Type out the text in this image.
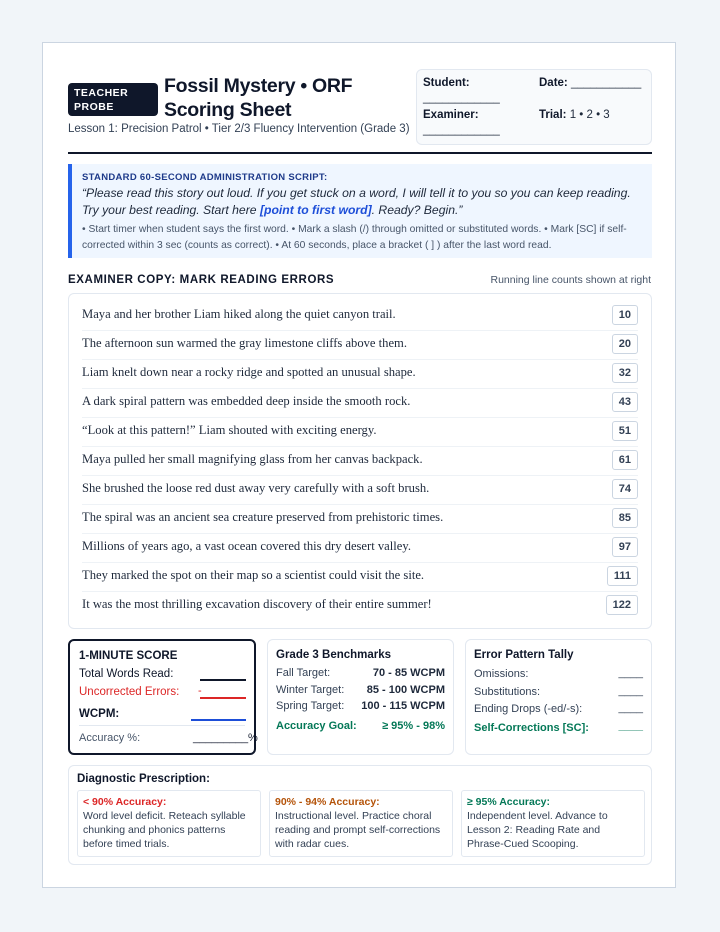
TEACHER PROBE
Fossil Mystery • ORF Scoring Sheet
Lesson 1: Precision Patrol • Tier 2/3 Fluency Intervention (Grade 3)
Student:
____________
Date: ___________
Examiner:
____________
Trial: 1 • 2 • 3
STANDARD 60-SECOND ADMINISTRATION SCRIPT:
“Please read this story out loud. If you get stuck on a word, I will tell it to you so you can keep reading. Try your best reading. Start here [point to first word]. Ready? Begin.”
• Start timer when student says the first word. • Mark a slash (/) through omitted or substituted words. • Mark [SC] if self-corrected within 3 sec (counts as correct). • At 60 seconds, place a bracket ( ] ) after the last word read.
EXAMINER COPY: MARK READING ERRORS	Running line counts shown at right
Maya and her brother Liam hiked along the quiet canyon trail.	10
The afternoon sun warmed the gray limestone cliffs above them.	20
Liam knelt down near a rocky ridge and spotted an unusual shape.	32
A dark spiral pattern was embedded deep inside the smooth rock.	43
“Look at this pattern!” Liam shouted with exciting energy.	51
Maya pulled her small magnifying glass from her canvas backpack.	61
She brushed the loose red dust away very carefully with a soft brush.	74
The spiral was an ancient sea creature preserved from prehistoric times.	85
Millions of years ago, a vast ocean covered this dry desert valley.	97
They marked the spot on their map so a scientist could visit the site.	111
It was the most thrilling excavation discovery of their entire summer!	122
1-MINUTE SCORE
Total Words Read:
Uncorrected Errors: -
WCPM:
Accuracy %:	_________%
Grade 3 Benchmarks
Fall Target:	70 - 85 WCPM
Winter Target: 85 - 100 WCPM
Spring Target: 100 - 115 WCPM
Accuracy Goal: ≥ 95% - 98%
Error Pattern Tally
Omissions:	____
Substitutions:	____
Ending Drops (-ed/-s):	____
Self-Corrections [SC]:	____
Diagnostic Prescription:
< 90% Accuracy:
Word level deficit. Reteach syllable chunking and phonics patterns before timed trials.
90% - 94% Accuracy:
Instructional level. Practice choral reading and prompt self-corrections with radar cues.
≥ 95% Accuracy:
Independent level. Advance to Lesson 2: Reading Rate and Phrase-Cued Scooping.
